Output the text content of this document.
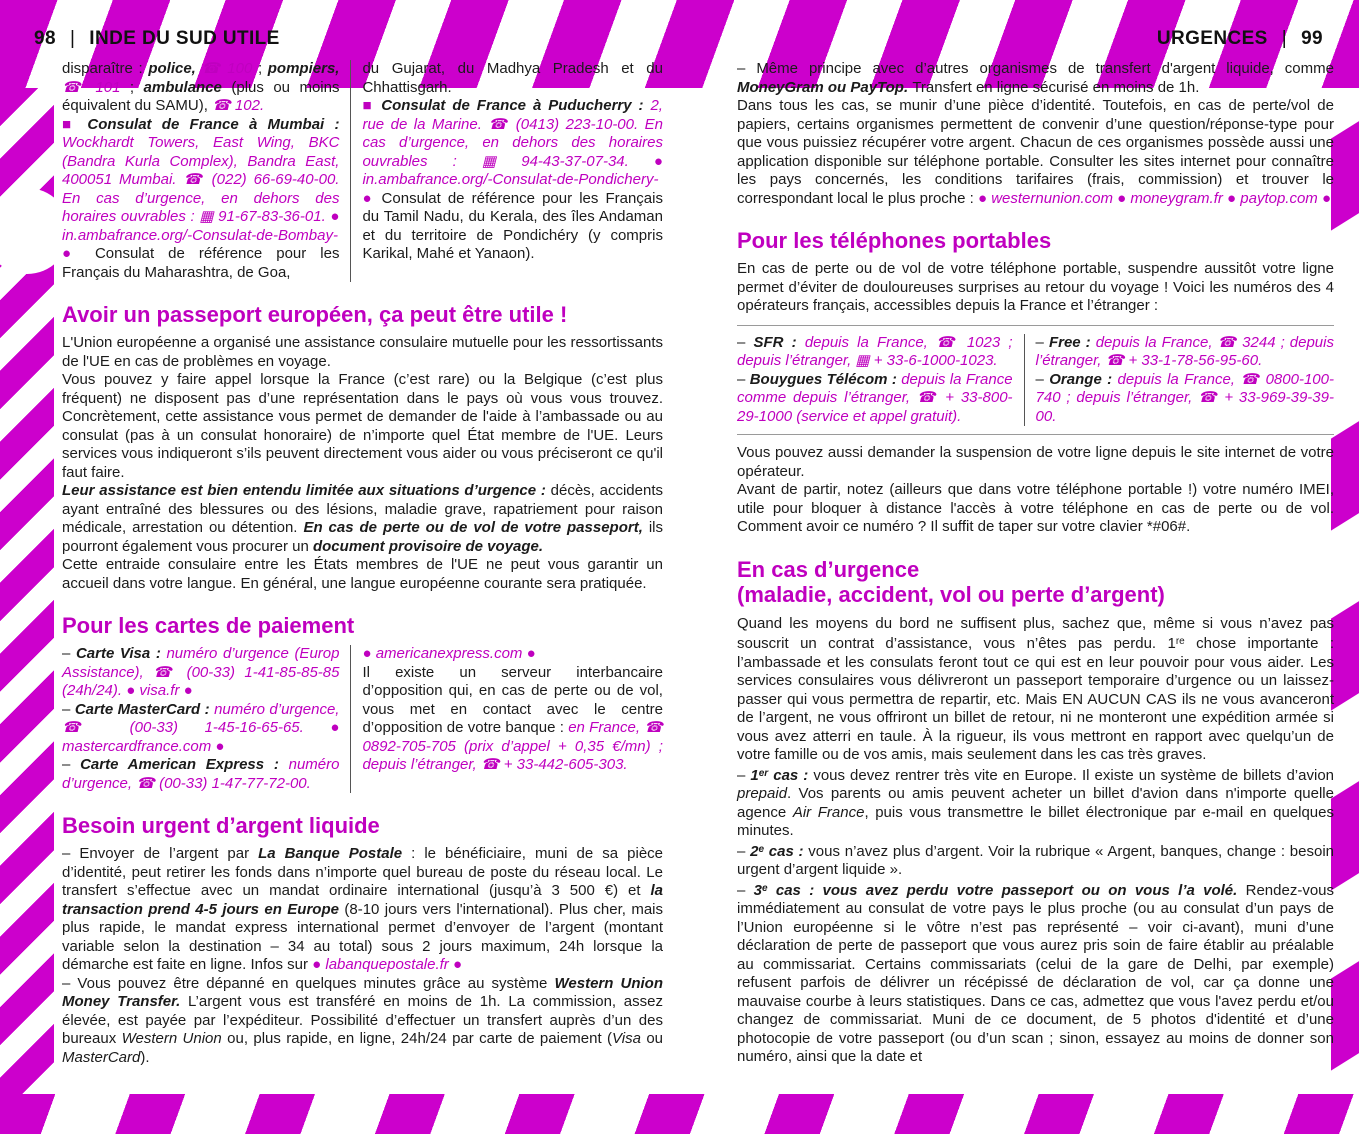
98 | INDE DU SUD UTILE	URGENCES | 99

disparaître : police, ☎ 100 ; pompiers, ☎ 101 ; ambulance (plus ou moins équivalent du SAMU), ☎ 102.

■ Consulat de France à Mumbai : Wockhardt Towers, East Wing, BKC (Bandra Kurla Complex), Bandra East, 400051 Mumbai. ☎ (022) 66-69-40-00. En cas d’urgence, en dehors des horaires ouvrables : ▦ 91-67-83-36-01. ● in.ambafrance.org/-Consulat-de-Bombay- ● Consulat de référence pour les Français du Maharashtra, de Goa,

du Gujarat, du Madhya Pradesh et du Chhattisgarh.

■ Consulat de France à Puducherry : 2, rue de la Marine. ☎ (0413) 223-10-00. En cas d’urgence, en dehors des horaires ouvrables : ▦ 94-43-37-07-34. ● in.ambafrance.org/-Consulat-de-Pondichery- ● Consulat de référence pour les Français du Tamil Nadu, du Kerala, des îles Andaman et du territoire de Pondichéry (y compris Karikal, Mahé et Yanaon).

Avoir un passeport européen, ça peut être utile !

L'Union européenne a organisé une assistance consulaire mutuelle pour les ressortissants de l'UE en cas de problèmes en voyage.

Vous pouvez y faire appel lorsque la France (c’est rare) ou la Belgique (c’est plus fréquent) ne disposent pas d’une représentation dans le pays où vous vous trouvez. Concrètement, cette assistance vous permet de demander de l'aide à l’ambassade ou au consulat (pas à un consulat honoraire) de n’importe quel État membre de l'UE. Leurs services vous indiqueront s’ils peuvent directement vous aider ou vous préciseront ce qu'il faut faire.

Leur assistance est bien entendu limitée aux situations d’urgence : décès, accidents ayant entraîné des blessures ou des lésions, maladie grave, rapatriement pour raison médicale, arrestation ou détention. En cas de perte ou de vol de votre passeport, ils pourront également vous procurer un document provisoire de voyage.

Cette entraide consulaire entre les États membres de l'UE ne peut vous garantir un accueil dans votre langue. En général, une langue européenne courante sera pratiquée.

Pour les cartes de paiement

– Carte Visa : numéro d’urgence (Europ Assistance), ☎ (00-33) 1-41-85-85-85 (24h/24). ● visa.fr ●

– Carte MasterCard : numéro d’urgence, ☎ (00-33) 1-45-16-65-65. ● mastercardfrance.com ●

– Carte American Express : numéro d’urgence, ☎ (00-33) 1-47-77-72-00.

● americanexpress.com ●

Il existe un serveur interbancaire d’opposition qui, en cas de perte ou de vol, vous met en contact avec le centre d’opposition de votre banque : en France, ☎ 0892-705-705 (prix d’appel + 0,35 €/mn) ; depuis l’étranger, ☎ + 33-442-605-303.

Besoin urgent d’argent liquide

– Envoyer de l’argent par La Banque Postale : le bénéficiaire, muni de sa pièce d’identité, peut retirer les fonds dans n’importe quel bureau de poste du réseau local. Le transfert s’effectue avec un mandat ordinaire international (jusqu’à 3 500 €) et la transaction prend 4-5 jours en Europe (8-10 jours vers l'international). Plus cher, mais plus rapide, le mandat express international permet d’envoyer de l’argent (montant variable selon la destination – 34 au total) sous 2 jours maximum, 24h lorsque la démarche est faite en ligne. Infos sur ● labanquepostale.fr ●

– Vous pouvez être dépanné en quelques minutes grâce au système Western Union Money Transfer. L’argent vous est transféré en moins de 1h. La commission, assez élevée, est payée par l’expéditeur. Possibilité d’effectuer un transfert auprès d’un des bureaux Western Union ou, plus rapide, en ligne, 24h/24 par carte de paiement (Visa ou MasterCard).

– Même principe avec d’autres organismes de transfert d'argent liquide, comme MoneyGram ou PayTop. Transfert en ligne sécurisé en moins de 1h.

Dans tous les cas, se munir d’une pièce d’identité. Toutefois, en cas de perte/vol de papiers, certains organismes permettent de convenir d’une question/réponse-type pour que vous puissiez récupérer votre argent. Chacun de ces organismes possède aussi une application disponible sur téléphone portable. Consulter les sites internet pour connaître les pays concernés, les conditions tarifaires (frais, commission) et trouver le correspondant local le plus proche : ● westernunion.com ● moneygram.fr ● paytop.com ●

Pour les téléphones portables

En cas de perte ou de vol de votre téléphone portable, suspendre aussitôt votre ligne permet d’éviter de douloureuses surprises au retour du voyage ! Voici les numéros des 4 opérateurs français, accessibles depuis la France et l’étranger :

– SFR : depuis la France, ☎ 1023 ; depuis l’étranger, ▦ + 33-6-1000-1023.

– Bouygues Télécom : depuis la France comme depuis l’étranger, ☎ + 33-800-29-1000 (service et appel gratuit).

– Free : depuis la France, ☎ 3244 ; depuis l’étranger, ☎ + 33-1-78-56-95-60.

– Orange : depuis la France, ☎ 0800-100-740 ; depuis l’étranger, ☎ + 33-969-39-39-00.

Vous pouvez aussi demander la suspension de votre ligne depuis le site internet de votre opérateur.

Avant de partir, notez (ailleurs que dans votre téléphone portable !) votre numéro IMEI, utile pour bloquer à distance l'accès à votre téléphone en cas de perte ou de vol. Comment avoir ce numéro ? Il suffit de taper sur votre clavier *#06#.

En cas d’urgence
(maladie, accident, vol ou perte d’argent)

Quand les moyens du bord ne suffisent plus, sachez que, même si vous n’avez pas souscrit un contrat d’assistance, vous n’êtes pas perdu. 1re chose importante : l’ambassade et les consulats feront tout ce qui est en leur pouvoir pour vous aider. Les services consulaires vous délivreront un passeport temporaire d’urgence ou un laissez-passer qui vous permettra de repartir, etc. Mais EN AUCUN CAS ils ne vous avanceront de l’argent, ne vous offriront un billet de retour, ni ne monteront une expédition armée si vous avez atterri en taule. À la rigueur, ils vous mettront en rapport avec quelqu’un de votre famille ou de vos amis, mais seulement dans les cas très graves.

– 1er cas : vous devez rentrer très vite en Europe. Il existe un système de billets d’avion prepaid. Vos parents ou amis peuvent acheter un billet d'avion dans n'importe quelle agence Air France, puis vous transmettre le billet électronique par e-mail en quelques minutes.

– 2e cas : vous n’avez plus d’argent. Voir la rubrique « Argent, banques, change : besoin urgent d’argent liquide ».

– 3e cas : vous avez perdu votre passeport ou on vous l’a volé. Rendez-vous immédiatement au consulat de votre pays le plus proche (ou au consulat d’un pays de l’Union européenne si le vôtre n’est pas représenté – voir ci-avant), muni d’une déclaration de perte de passeport que vous aurez pris soin de faire établir au préalable au commissariat. Certains commissariats (celui de la gare de Delhi, par exemple) refusent parfois de délivrer un récépissé de déclaration de vol, car ça donne une mauvaise courbe à leurs statistiques. Dans ce cas, admettez que vous l'avez perdu et/ou changez de commissariat. Muni de ce document, de 5 photos d'identité et d’une photocopie de votre passeport (ou d’un scan ; sinon, essayez au moins de donner son numéro, ainsi que la date et
